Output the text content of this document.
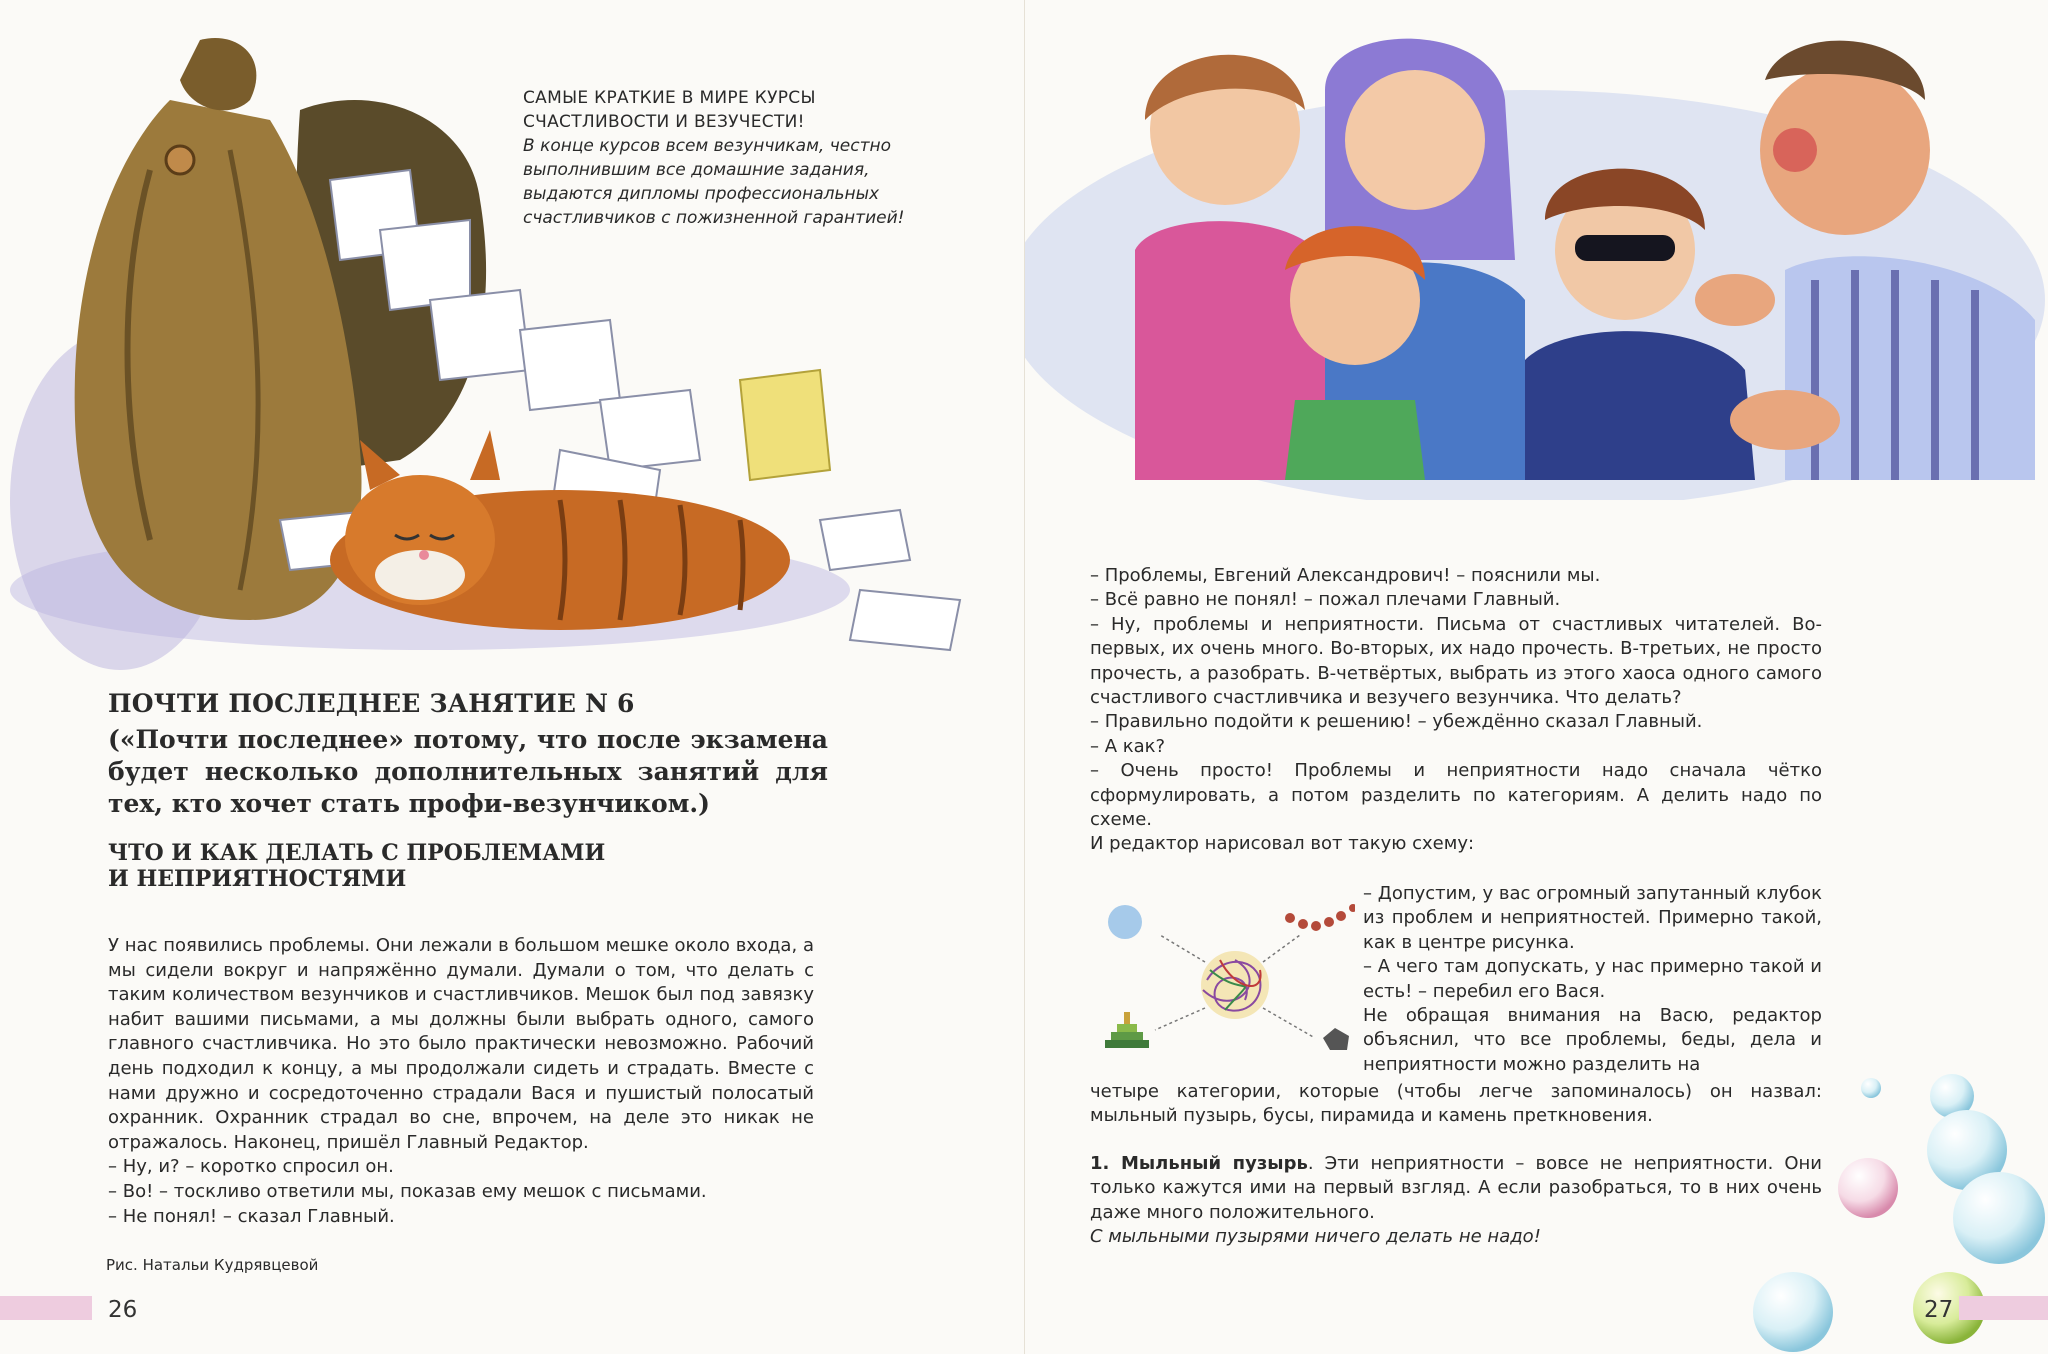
САМЫЕ КРАТКИЕ В МИРЕ КУРСЫ
СЧАСТЛИВОСТИ И ВЕЗУЧЕСТИ!
В конце курсов всем везунчикам, честно
выполнившим все домашние задания,
выдаются дипломы профессиональных
счастливчиков с пожизненной гарантией!
ПОЧТИ ПОСЛЕДНЕЕ ЗАНЯТИЕ N 6
(«Почти последнее» потому, что после экзамена будет несколько дополнительных занятий для тех, кто хочет стать профи-везунчиком.)
ЧТО И КАК ДЕЛАТЬ С ПРОБЛЕМАМИ
И НЕПРИЯТНОСТЯМИ

У нас появились проблемы. Они лежали в большом мешке около входа, а мы сидели вокруг и напряжённо думали. Думали о том, что делать с таким количеством везунчиков и счастливчиков. Мешок был под завязку набит вашими письмами, а мы должны были выбрать одного, самого главного счастливчика. Но это было практически невозможно. Рабочий день подходил к концу, а мы продолжали сидеть и страдать. Вместе с нами дружно и сосредоточенно страдали Вася и пушистый полосатый охранник. Охранник страдал во сне, впрочем, на деле это никак не отражалось. Наконец, пришёл Главный Редактор.

– Ну, и? – коротко спросил он.

– Во! – тоскливо ответили мы, показав ему мешок с письмами.

– Не понял! – сказал Главный.

Рис. Натальи Кудрявцевой
26

– Проблемы, Евгений Александрович! – пояснили мы.

– Всё равно не понял! – пожал плечами Главный.

– Ну, проблемы и неприятности. Письма от счастливых читателей. Во-первых, их очень много. Во-вторых, их надо прочесть. В-третьих, не просто прочесть, а разобрать. В-четвёртых, выбрать из этого хаоса одного самого счастливого счастливчика и везучего везунчика. Что делать?

– Правильно подойти к решению! – убеждённо сказал Главный.

– А как?

– Очень просто! Проблемы и неприятности надо сначала чётко сформулировать, а потом разделить по категориям. А делить надо по схеме.

И редактор нарисовал вот такую схему:

– Допустим, у вас огромный запутанный клубок из проблем и неприятностей. Примерно такой, как в центре рисунка.

– А чего там допускать, у нас примерно такой и есть! – перебил его Вася.

Не обращая внимания на Васю, редактор объяснил, что все проблемы, беды, дела и неприятности можно разделить на

четыре категории, которые (чтобы легче запоминалось) он назвал: мыльный пузырь, бусы, пирамида и камень преткновения.

1. Мыльный пузырь. Эти неприятности – вовсе не неприятности. Они только кажутся ими на первый взгляд. А если разобраться, то в них очень даже много положительного.

С мыльными пузырями ничего делать не надо!

27
